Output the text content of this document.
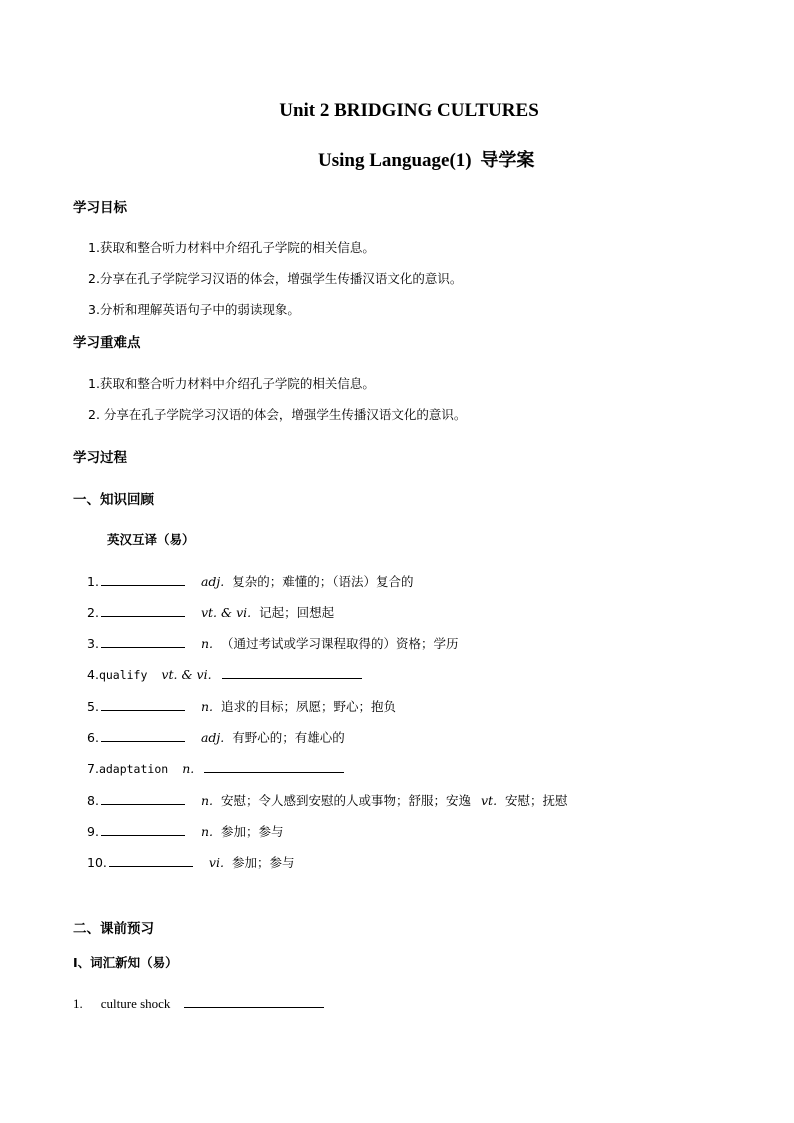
Unit 2 BRIDGING CULTURES
Using Language(1) 导学案
学习目标
1.获取和整合听力材料中介绍孔子学院的相关信息。
2.分享在孔子学院学习汉语的体会，增强学生传播汉语文化的意识。
3.分析和理解英语句子中的弱读现象。
学习重难点
1.获取和整合听力材料中介绍孔子学院的相关信息。
2. 分享在孔子学院学习汉语的体会，增强学生传播汉语文化的意识。
学习过程
一、知识回顾
英汉互译（易）
1.	adj. 复杂的；难懂的；（语法）复合的
2.	vt. & vi. 记起；回想起
3.	n. （通过考试或学习课程取得的）资格；学历
4. qualify vt. & vi.
5.	n. 追求的目标；夙愿；野心；抱负
6.	adj. 有野心的；有雄心的
7. adaptation n.
8.	n. 安慰；令人感到安慰的人或事物；舒服；安逸 vt. 安慰；抚慰
9.	n. 参加；参与
10.	vi. 参加；参与
二、课前预习
I、词汇新知（易）
1. culture shock
